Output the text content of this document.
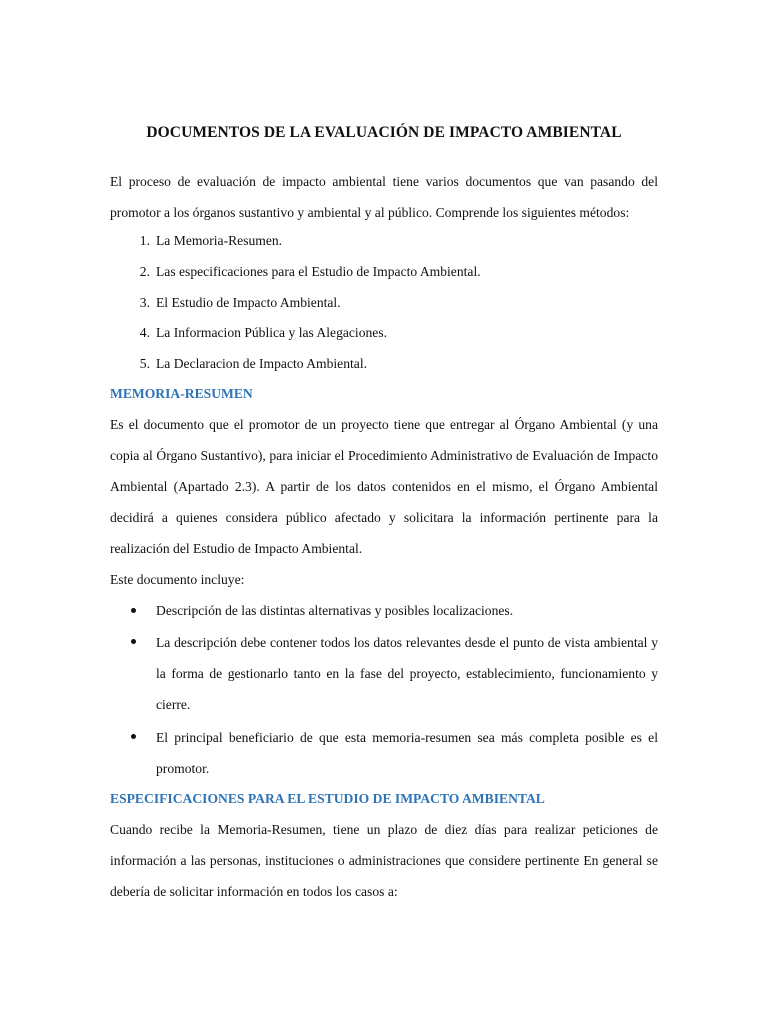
DOCUMENTOS DE LA EVALUACIÓN DE IMPACTO AMBIENTAL

El proceso de evaluación de impacto ambiental tiene varios documentos que van pasando del promotor a los órganos sustantivo y ambiental y al público. Comprende los siguientes métodos:

1. La Memoria-Resumen.
2. Las especificaciones para el Estudio de Impacto Ambiental.
3. El Estudio de Impacto Ambiental.
4. La Informacion Pública y las Alegaciones.
5. La Declaracion de Impacto Ambiental.
MEMORIA-RESUMEN

Es el documento que el promotor de un proyecto tiene que entregar al Órgano Ambiental (y una copia al Órgano Sustantivo), para iniciar el Procedimiento Administrativo de Evaluación de Impacto Ambiental (Apartado 2.3). A partir de los datos contenidos en el mismo, el Órgano Ambiental decidirá a quienes considera público afectado y solicitara la información pertinente para la realización del Estudio de Impacto Ambiental.

Este documento incluye:

Descripción de las distintas alternativas y posibles localizaciones.

La descripción debe contener todos los datos relevantes desde el punto de vista ambiental y la forma de gestionarlo tanto en la fase del proyecto, establecimiento, funcionamiento y cierre.

El principal beneficiario de que esta memoria-resumen sea más completa posible es el promotor.

ESPECIFICACIONES PARA EL ESTUDIO DE IMPACTO AMBIENTAL

Cuando recibe la Memoria-Resumen, tiene un plazo de diez días para realizar peticiones de información a las personas, instituciones o administraciones que considere pertinente En general se debería de solicitar información en todos los casos a:
